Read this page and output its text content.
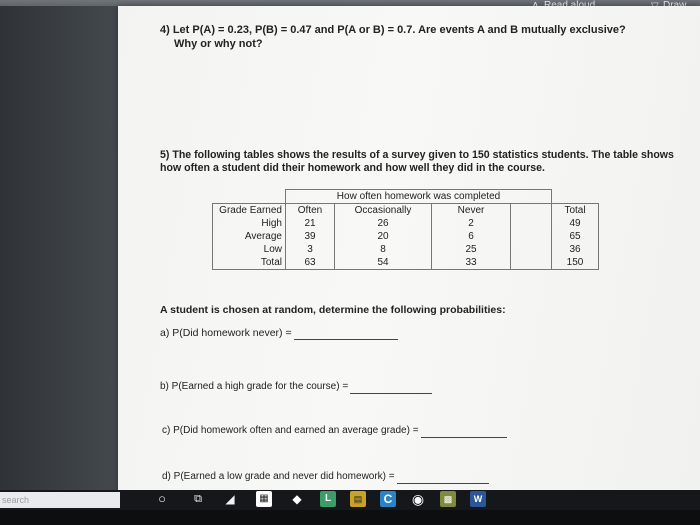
4) Let P(A) = 0.23, P(B) = 0.47 and P(A or B) = 0.7. Are events A and B mutually exclusive?
Why or why not?
5) The following tables shows the results of a survey given to 150 statistics students. The table shows
how often a student did their homework and how well they did in the course.
	How often homework was completed				
Grade Earned	Often	Occasionally	Never		Total
High	21	26	2		49
Average	39	20	6		65
Low	3	8	25		36
Total	63	54	33		150
A student is chosen at random, determine the following probabilities:
a) P(Did homework never) =
b) P(Earned a high grade for the course) =
c) P(Did homework often and earned an average grade) =
d) P(Earned a low grade and never did homework) =
search	○	⧉	◢	▦ ◆	L	▤	C ◉	▩	W
